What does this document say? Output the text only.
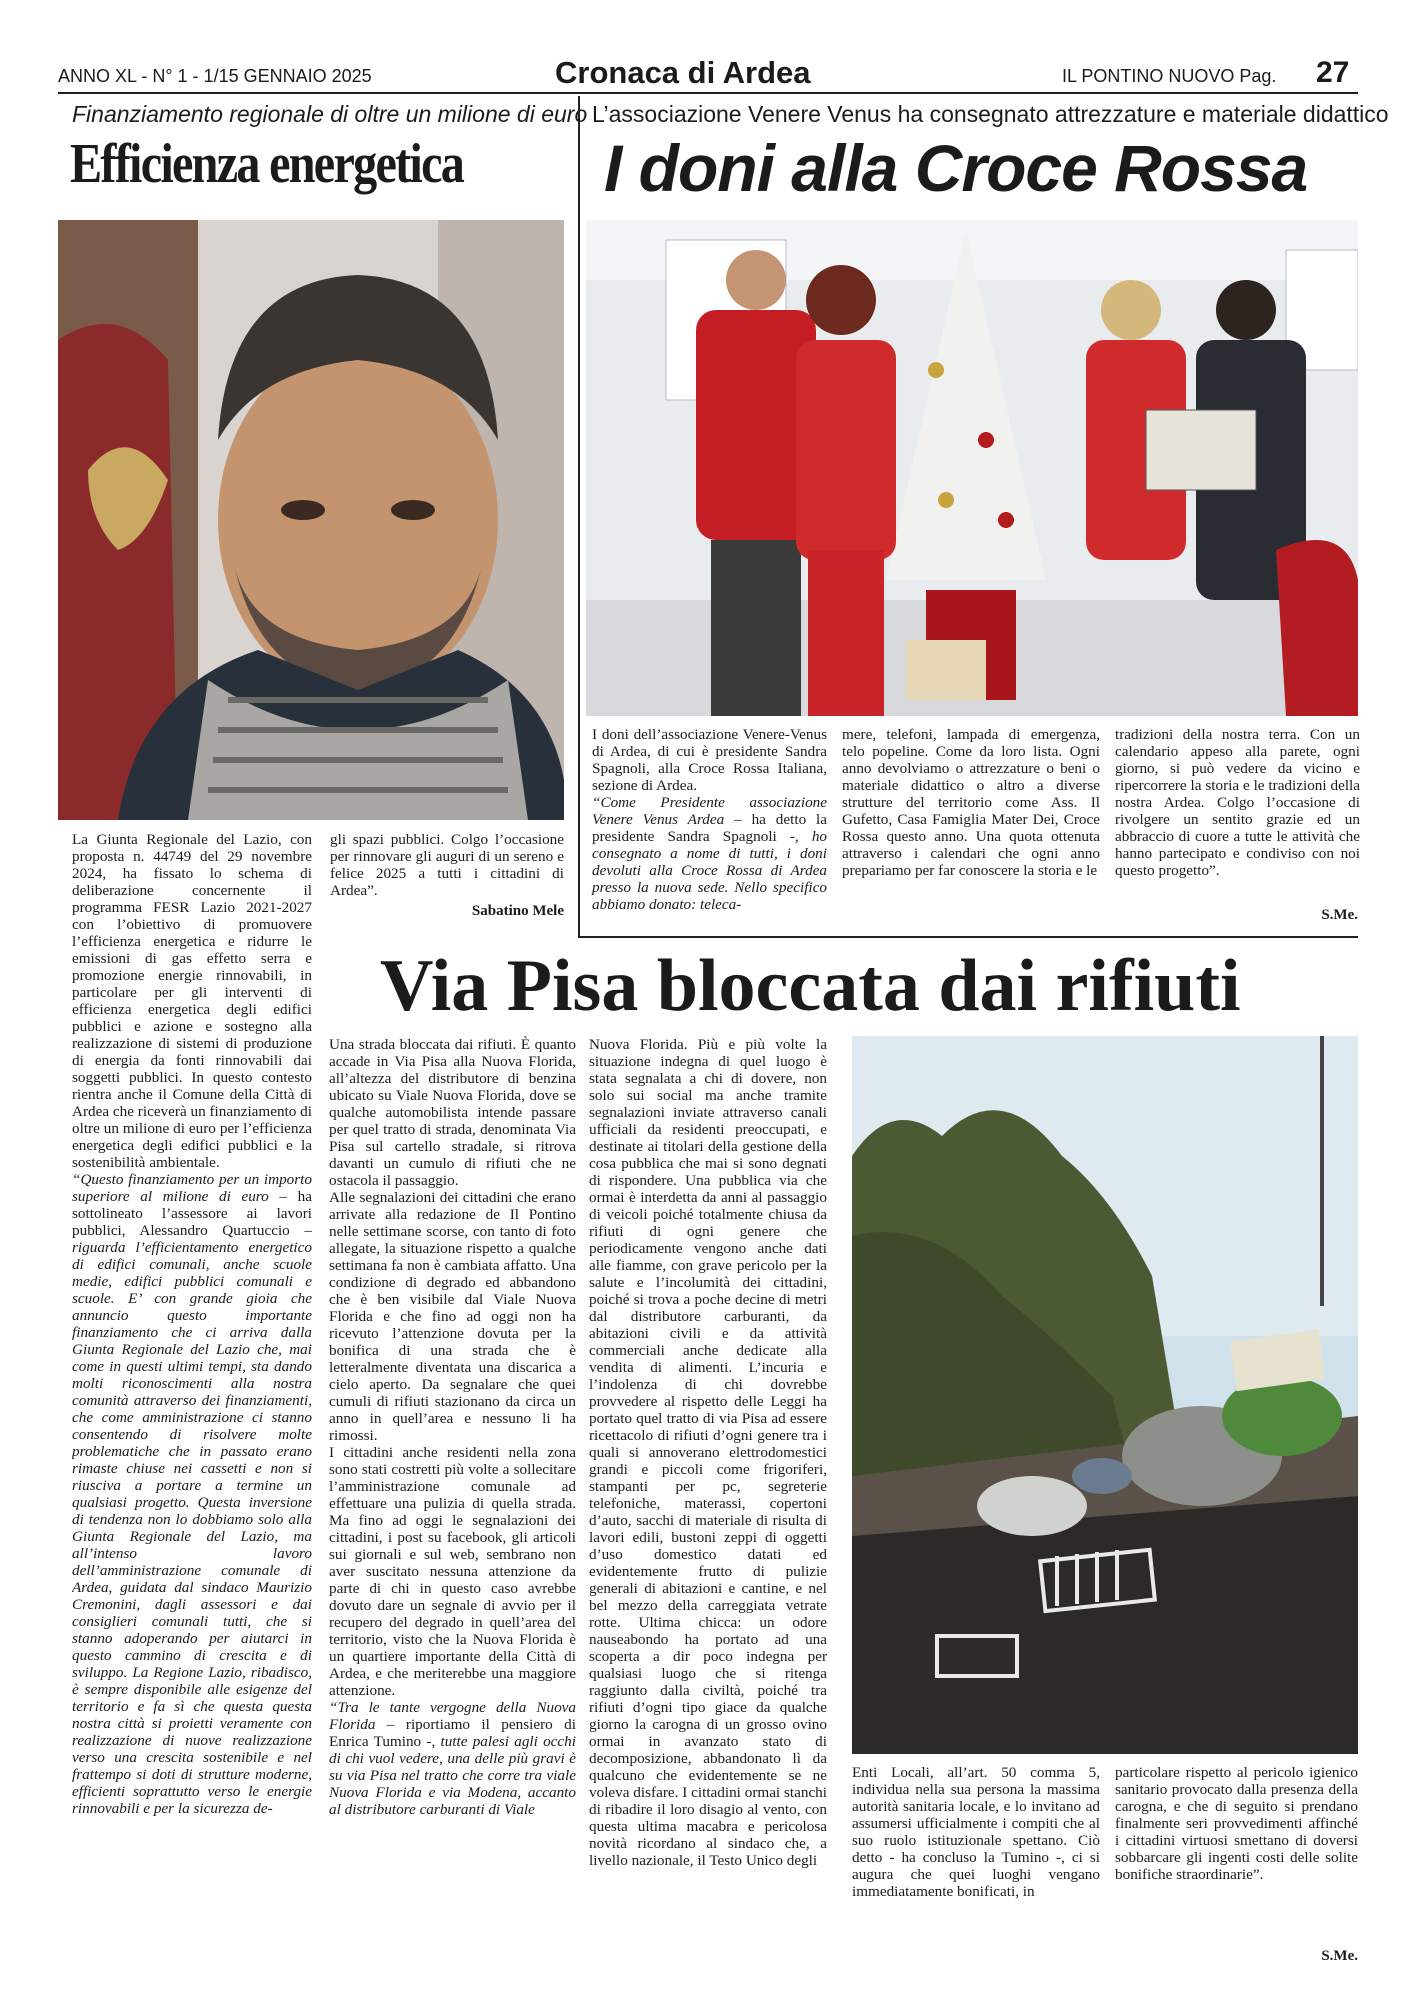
ANNO XL - N° 1 - 1/15 GENNAIO 2025	Cronaca di Ardea	IL PONTINO NUOVO Pag. 27
Finanziamento regionale di oltre un milione di euro
Efficienza energetica

La Giunta Regionale del Lazio, con proposta n. 44749 del 29 novembre 2024, ha fissato lo schema di deliberazione concernente il programma FESR Lazio 2021-2027 con l’obiettivo di promuovere l’efficienza energetica e ridurre le emissioni di gas effetto serra e promozione energie rinnovabili, in particolare per gli interventi di efficienza energetica degli edifici pubblici e azione e sostegno alla realizzazione di sistemi di produzione di energia da fonti rinnovabili dai soggetti pubblici. In questo contesto rientra anche il Comune della Città di Ardea che riceverà un finanziamento di oltre un milione di euro per l’efficienza energetica degli edifici pubblici e la sostenibilità ambientale.

“Questo finanziamento per un importo superiore al milione di euro – ha sottolineato l’assessore ai lavori pubblici, Alessandro Quartuccio – riguarda l’efficientamento energetico di edifici comunali, anche scuole medie, edifici pubblici comunali e scuole. E’ con grande gioia che annuncio questo importante finanziamento che ci arriva dalla Giunta Regionale del Lazio che, mai come in questi ultimi tempi, sta dando molti riconoscimenti alla nostra comunità attraverso dei finanziamenti, che come amministrazione ci stanno consentendo di risolvere molte problematiche che in passato erano rimaste chiuse nei cassetti e non si riusciva a portare a termine un qualsiasi progetto. Questa inversione di tendenza non lo dobbiamo solo alla Giunta Regionale del Lazio, ma all’intenso lavoro dell’amministrazione comunale di Ardea, guidata dal sindaco Maurizio Cremonini, dagli assessori e dai consiglieri comunali tutti, che si stanno adoperando per aiutarci in questo cammino di crescita e di sviluppo. La Regione Lazio, ribadisco, è sempre disponibile alle esigenze del territorio e fa sì che questa questa nostra città si proietti veramente con realizzazione di nuove realizzazione verso una crescita sostenibile e nel frattempo si doti di strutture moderne, efficienti soprattutto verso le energie rinnovabili e per la sicurezza de-

gli spazi pubblici. Colgo l’occasione per rinnovare gli auguri di un sereno e felice 2025 a tutti i cittadini di Ardea”.

Sabatino Mele
L’associazione Venere Venus ha consegnato attrezzature e materiale didattico
I doni alla Croce Rossa

I doni dell’associazione Venere-Venus di Ardea, di cui è presidente Sandra Spagnoli, alla Croce Rossa Italiana, sezione di Ardea.

“Come Presidente associazione Venere Venus Ardea – ha detto la presidente Sandra Spagnoli -, ho consegnato a nome di tutti, i doni devoluti alla Croce Rossa di Ardea presso la nuova sede. Nello specifico abbiamo donato: teleca-

mere, telefoni, lampada di emergenza, telo popeline. Come da loro lista. Ogni anno devolviamo o attrezzature o beni o materiale didattico o altro a diverse strutture del territorio come Ass. Il Gufetto, Casa Famiglia Mater Dei, Croce Rossa questo anno. Una quota ottenuta attraverso i calendari che ogni anno prepariamo per far conoscere la storia e le

tradizioni della nostra terra. Con un calendario appeso alla parete, ogni giorno, si può vedere da vicino e ripercorrere la storia e le tradizioni della nostra Ardea. Colgo l’occasione di rivolgere un sentito grazie ed un abbraccio di cuore a tutte le attività che hanno partecipato e condiviso con noi questo progetto”.

S.Me.
Via Pisa bloccata dai rifiuti

Una strada bloccata dai rifiuti. È quanto accade in Via Pisa alla Nuova Florida, all’altezza del distributore di benzina ubicato su Viale Nuova Florida, dove se qualche automobilista intende passare per quel tratto di strada, denominata Via Pisa sul cartello stradale, si ritrova davanti un cumulo di rifiuti che ne ostacola il passaggio.

Alle segnalazioni dei cittadini che erano arrivate alla redazione de Il Pontino nelle settimane scorse, con tanto di foto allegate, la situazione rispetto a qualche settimana fa non è cambiata affatto. Una condizione di degrado ed abbandono che è ben visibile dal Viale Nuova Florida e che fino ad oggi non ha ricevuto l’attenzione dovuta per la bonifica di una strada che è letteralmente diventata una discarica a cielo aperto. Da segnalare che quei cumuli di rifiuti stazionano da circa un anno in quell’area e nessuno li ha rimossi.

I cittadini anche residenti nella zona sono stati costretti più volte a sollecitare l’amministrazione comunale ad effettuare una pulizia di quella strada. Ma fino ad oggi le segnalazioni dei cittadini, i post su facebook, gli articoli sui giornali e sul web, sembrano non aver suscitato nessuna attenzione da parte di chi in questo caso avrebbe dovuto dare un segnale di avvio per il recupero del degrado in quell’area del territorio, visto che la Nuova Florida è un quartiere importante della Città di Ardea, e che meriterebbe una maggiore attenzione.

“Tra le tante vergogne della Nuova Florida – riportiamo il pensiero di Enrica Tumino -, tutte palesi agli occhi di chi vuol vedere, una delle più gravi è su via Pisa nel tratto che corre tra viale Nuova Florida e via Modena, accanto al distributore carburanti di Viale

Nuova Florida. Più e più volte la situazione indegna di quel luogo è stata segnalata a chi di dovere, non solo sui social ma anche tramite segnalazioni inviate attraverso canali ufficiali da residenti preoccupati, e destinate ai titolari della gestione della cosa pubblica che mai si sono degnati di rispondere. Una pubblica via che ormai è interdetta da anni al passaggio di veicoli poiché totalmente chiusa da rifiuti di ogni genere che periodicamente vengono anche dati alle fiamme, con grave pericolo per la salute e l’incolumità dei cittadini, poiché si trova a poche decine di metri dal distributore carburanti, da abitazioni civili e da attività commerciali anche dedicate alla vendita di alimenti. L’incuria e l’indolenza di chi dovrebbe provvedere al rispetto delle Leggi ha portato quel tratto di via Pisa ad essere ricettacolo di rifiuti d’ogni genere tra i quali si annoverano elettrodomestici grandi e piccoli come frigoriferi, stampanti per pc, segreterie telefoniche, materassi, copertoni d’auto, sacchi di materiale di risulta di lavori edili, bustoni zeppi di oggetti d’uso domestico datati ed evidentemente frutto di pulizie generali di abitazioni e cantine, e nel bel mezzo della carreggiata vetrate rotte. Ultima chicca: un odore nauseabondo ha portato ad una scoperta a dir poco indegna per qualsiasi luogo che si ritenga raggiunto dalla civiltà, poiché tra rifiuti d’ogni tipo giace da qualche giorno la carogna di un grosso ovino ormai in avanzato stato di decomposizione, abbandonato lì da qualcuno che evidentemente se ne voleva disfare. I cittadini ormai stanchi di ribadire il loro disagio al vento, con questa ultima macabra e pericolosa novità ricordano al sindaco che, a livello nazionale, il Testo Unico degli

Enti Locali, all’art. 50 comma 5, individua nella sua persona la massima autorità sanitaria locale, e lo invitano ad assumersi ufficialmente i compiti che al suo ruolo istituzionale spettano. Ciò detto - ha concluso la Tumino -, ci si augura che quei luoghi vengano immediatamente bonificati, in

particolare rispetto al pericolo igienico sanitario provocato dalla presenza della carogna, e che di seguito si prendano finalmente seri provvedimenti affinché i cittadini virtuosi smettano di doversi sobbarcare gli ingenti costi delle solite bonifiche straordinarie”.

S.Me.
